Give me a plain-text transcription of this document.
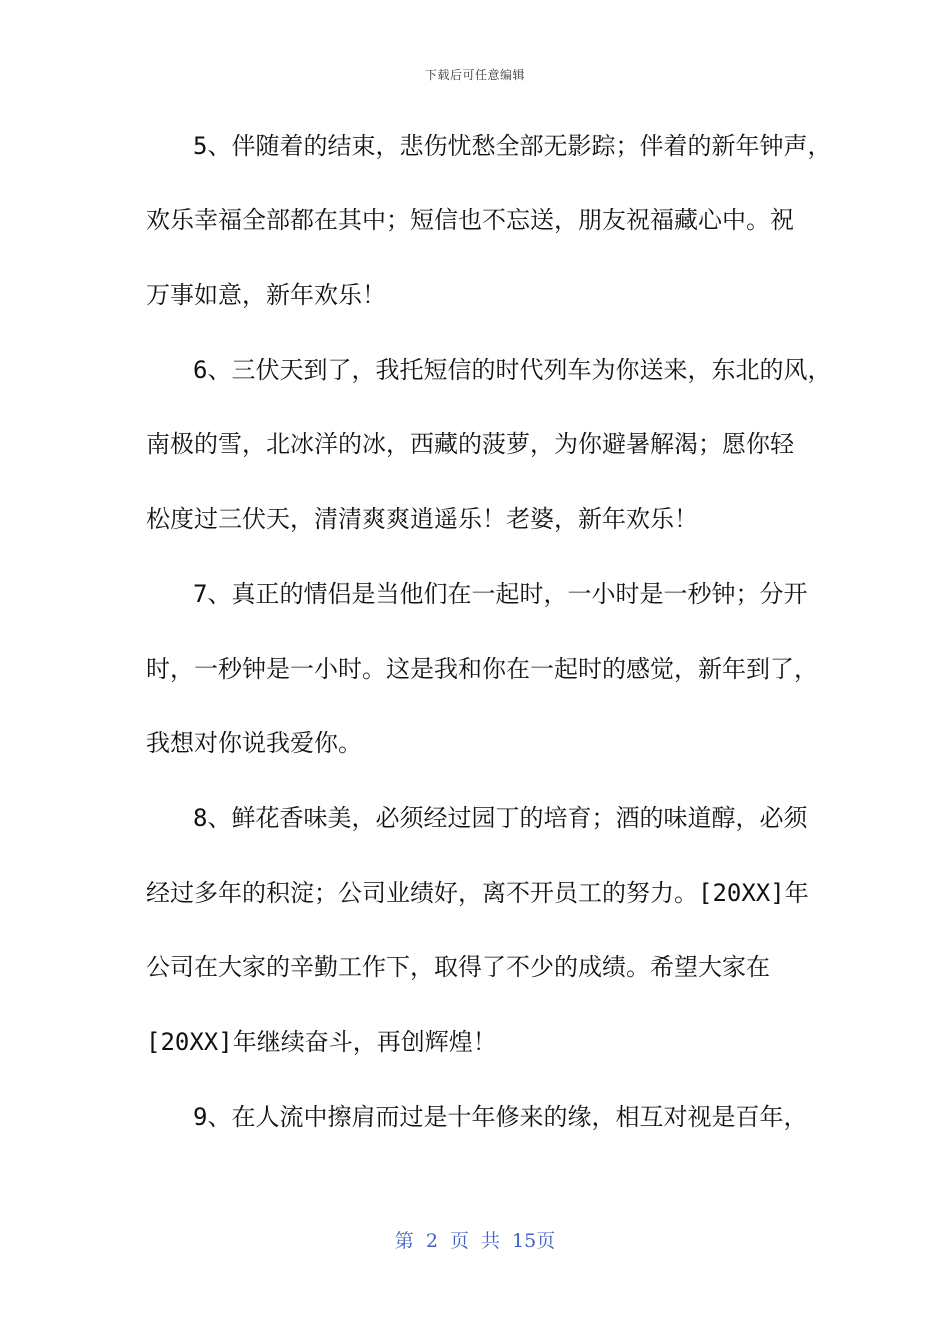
下载后可任意编辑
5、伴随着的结束，悲伤忧愁全部无影踪；伴着的新年钟声，
欢乐幸福全部都在其中；短信也不忘送，朋友祝福藏心中。祝
万事如意，新年欢乐！
6、三伏天到了，我托短信的时代列车为你送来，东北的风，
南极的雪，北冰洋的冰，西藏的菠萝，为你避暑解渴；愿你轻
松度过三伏天，清清爽爽逍遥乐！老婆，新年欢乐！
7、真正的情侣是当他们在一起时，一小时是一秒钟；分开
时，一秒钟是一小时。这是我和你在一起时的感觉，新年到了，
我想对你说我爱你。
8、鲜花香味美，必须经过园丁的培育；酒的味道醇，必须
经过多年的积淀；公司业绩好，离不开员工的努力。[20XX]年
公司在大家的辛勤工作下，取得了不少的成绩。希望大家在
[20XX]年继续奋斗，再创辉煌！
9、在人流中擦肩而过是十年修来的缘，相互对视是百年，
第 2 页 共 15页
